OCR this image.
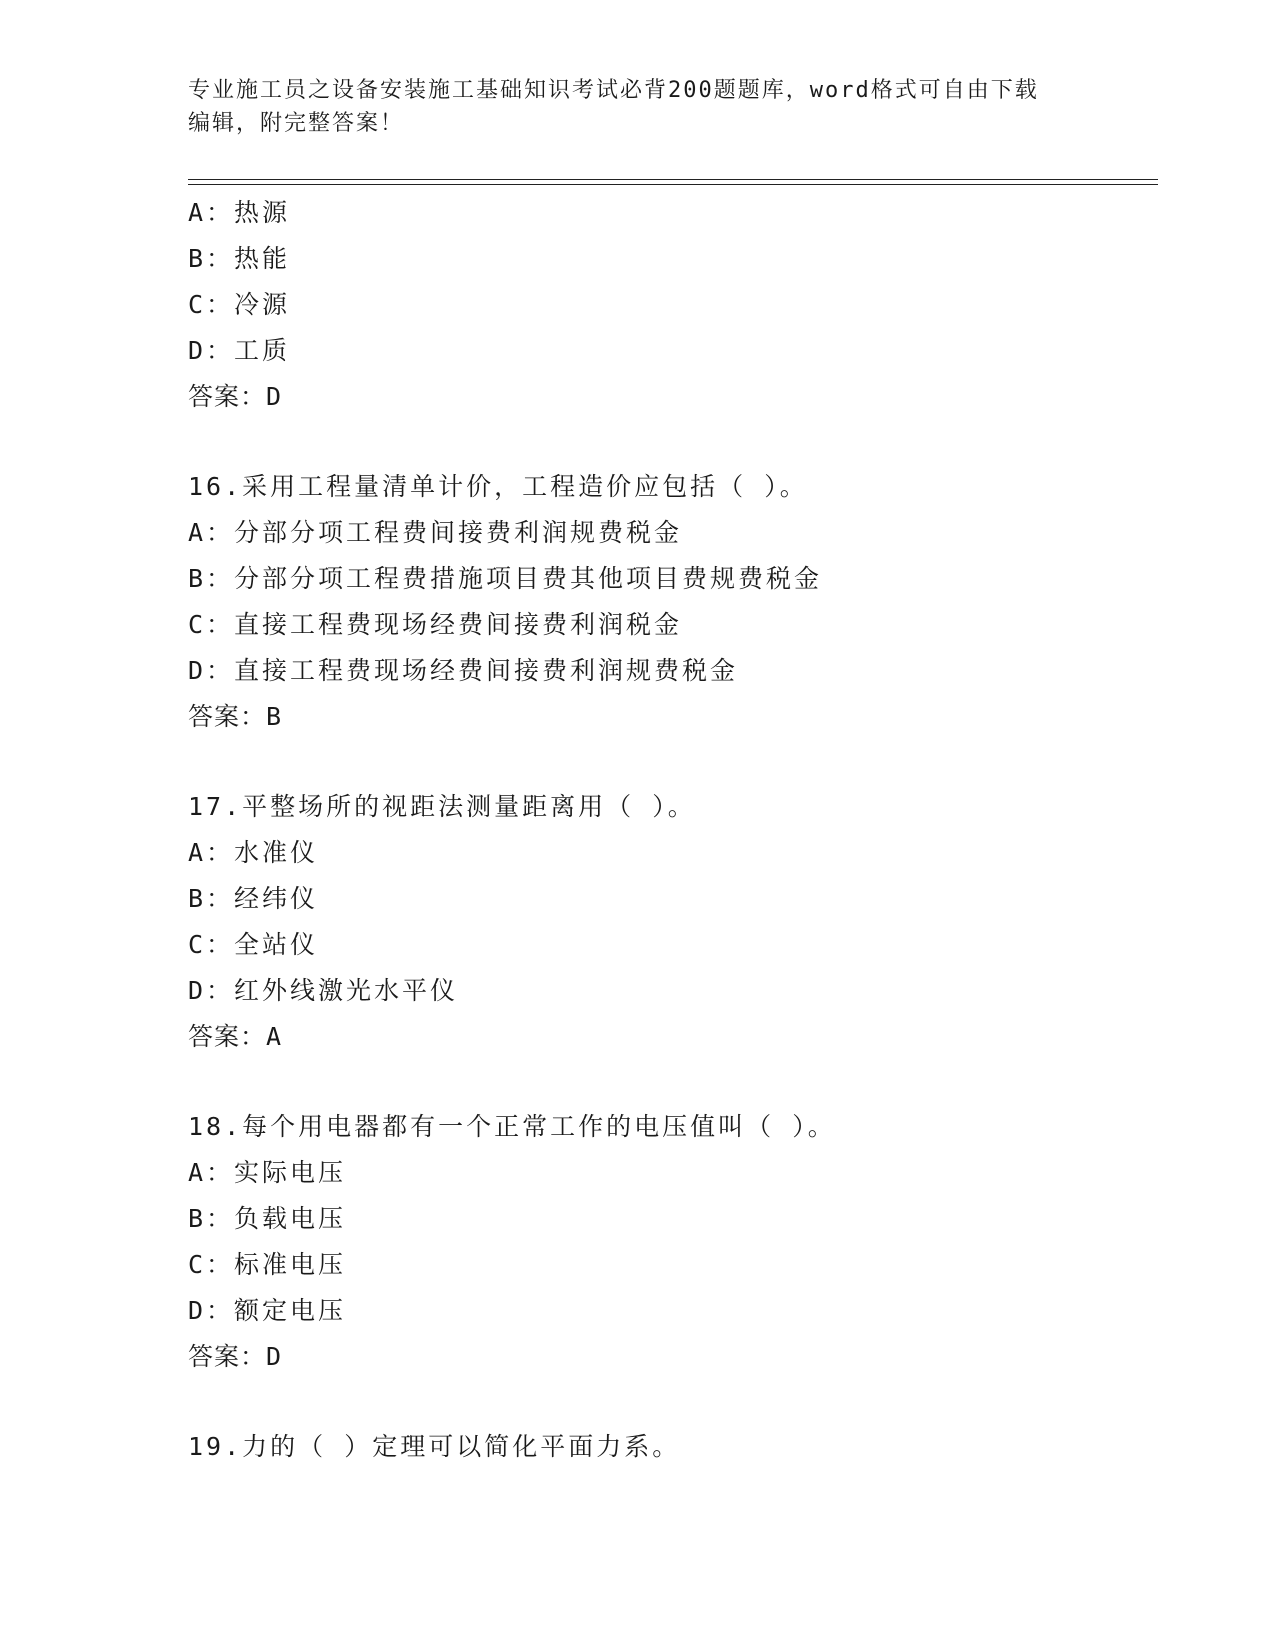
专业施工员之设备安装施工基础知识考试必背200题题库，word格式可自由下载
编辑，附完整答案！
A：热源
B：热能
C：冷源
D：工质
答案：D
16.采用工程量清单计价，工程造价应包括（ ）。
A：分部分项工程费间接费利润规费税金
B：分部分项工程费措施项目费其他项目费规费税金
C：直接工程费现场经费间接费利润税金
D：直接工程费现场经费间接费利润规费税金
答案：B
17.平整场所的视距法测量距离用（ ）。
A：水准仪
B：经纬仪
C：全站仪
D：红外线激光水平仪
答案：A
18.每个用电器都有一个正常工作的电压值叫（ ）。
A：实际电压
B：负载电压
C：标准电压
D：额定电压
答案：D
19.力的（ ）定理可以简化平面力系。
